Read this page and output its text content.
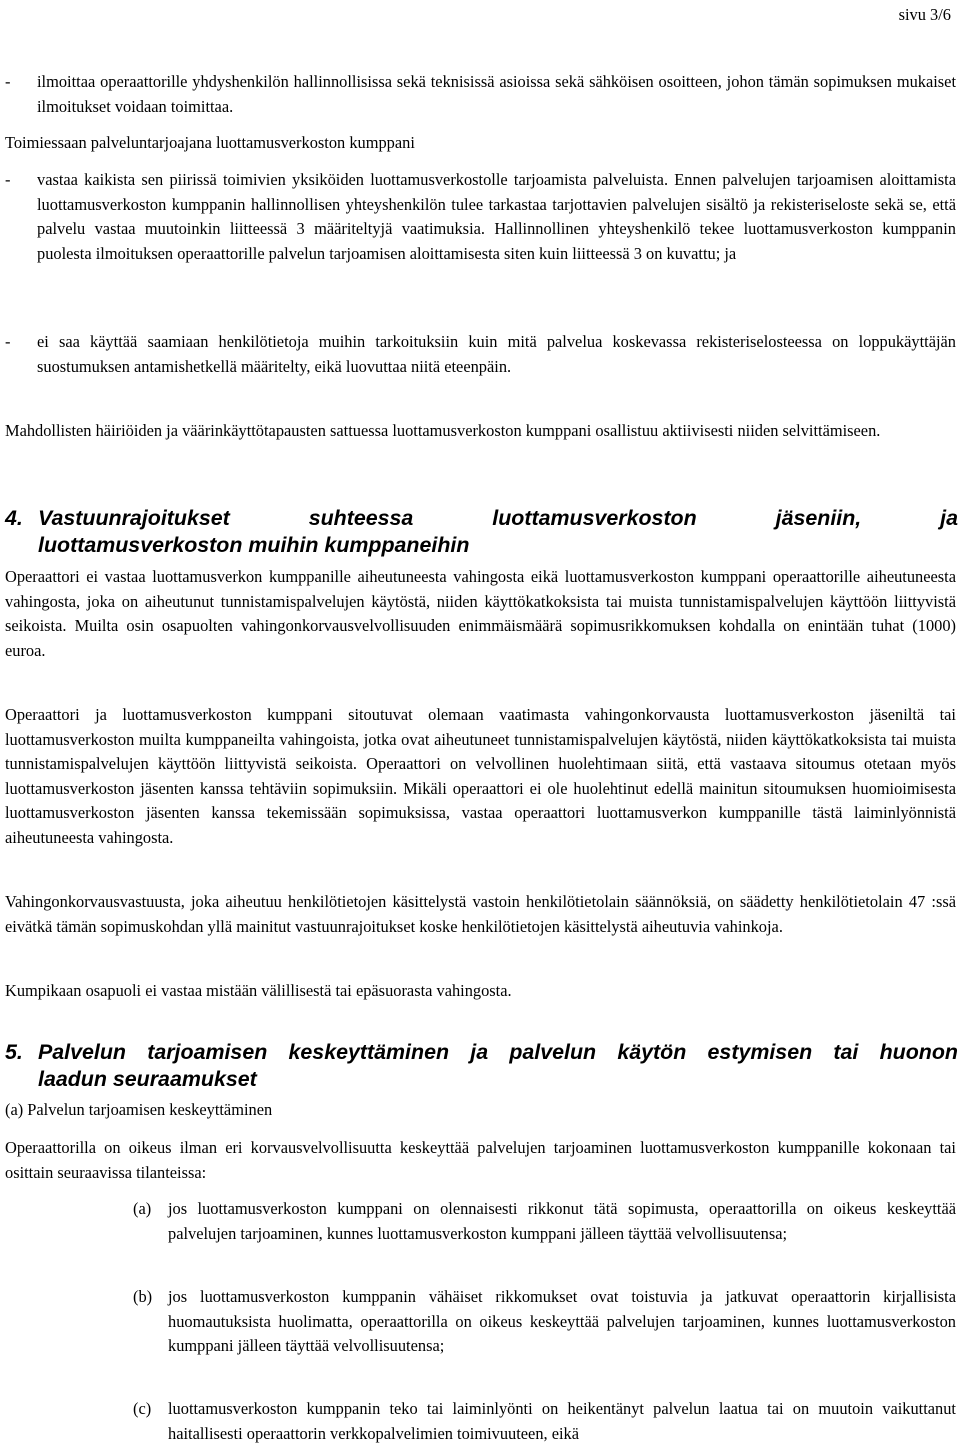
sivu 3/6
- ilmoittaa operaattorille yhdyshenkilön hallinnollisissa sekä teknisissä asioissa sekä sähköisen osoitteen, johon tämän sopimuksen mukaiset ilmoitukset voidaan toimittaa.
Toimiessaan palveluntarjoajana luottamusverkoston kumppani
- vastaa kaikista sen piirissä toimivien yksiköiden luottamusverkostolle tarjoamista palveluista. Ennen palvelujen tarjoamisen aloittamista luottamusverkoston kumppanin hallinnollisen yhteyshenkilön tulee tarkastaa tarjottavien palvelujen sisältö ja rekisteriseloste sekä se, että palvelu vastaa muutoinkin liitteessä 3 määriteltyjä vaatimuksia. Hallinnollinen yhteyshenkilö tekee luottamusverkoston kumppanin puolesta ilmoituksen operaattorille palvelun tarjoamisen aloittamisesta siten kuin liitteessä 3 on kuvattu; ja
- ei saa käyttää saamiaan henkilötietoja muihin tarkoituksiin kuin mitä palvelua koskevassa rekisteriselosteessa on loppukäyttäjän suostumuksen antamishetkellä määritelty, eikä luovuttaa niitä eteenpäin.
Mahdollisten häiriöiden ja väärinkäyttötapausten sattuessa luottamusverkoston kumppani osallistuu aktiivisesti niiden selvittämiseen.
4. Vastuunrajoitukset suhteessa luottamusverkoston jäseniin, ja
luottamusverkoston muihin kumppaneihin
Operaattori ei vastaa luottamusverkon kumppanille aiheutuneesta vahingosta eikä luottamusverkoston kumppani operaattorille aiheutuneesta vahingosta, joka on aiheutunut tunnistamispalvelujen käytöstä, niiden käyttökatkoksista tai muista tunnistamispalvelujen käyttöön liittyvistä seikoista. Muilta osin osapuolten vahingonkorvausvelvollisuuden enimmäismäärä sopimusrikkomuksen kohdalla on enintään tuhat (1000) euroa.
Operaattori ja luottamusverkoston kumppani sitoutuvat olemaan vaatimasta vahingonkorvausta luottamusverkoston jäseniltä tai luottamusverkoston muilta kumppaneilta vahingoista, jotka ovat aiheutuneet tunnistamispalvelujen käytöstä, niiden käyttökatkoksista tai muista tunnistamispalvelujen käyttöön liittyvistä seikoista. Operaattori on velvollinen huolehtimaan siitä, että vastaava sitoumus otetaan myös luottamusverkoston jäsenten kanssa tehtäviin sopimuksiin. Mikäli operaattori ei ole huolehtinut edellä mainitun sitoumuksen huomioimisesta luottamusverkoston jäsenten kanssa tekemissään sopimuksissa, vastaa operaattori luottamusverkon kumppanille tästä laiminlyönnistä aiheutuneesta vahingosta.
Vahingonkorvausvastuusta, joka aiheutuu henkilötietojen käsittelystä vastoin henkilötietolain säännöksiä, on säädetty henkilötietolain 47 :ssä eivätkä tämän sopimuskohdan yllä mainitut vastuunrajoitukset koske henkilötietojen käsittelystä aiheutuvia vahinkoja.
Kumpikaan osapuoli ei vastaa mistään välillisestä tai epäsuorasta vahingosta.
5. Palvelun tarjoamisen keskeyttäminen ja palvelun käytön estymisen tai huonon
laadun seuraamukset
(a) Palvelun tarjoamisen keskeyttäminen
Operaattorilla on oikeus ilman eri korvausvelvollisuutta keskeyttää palvelujen tarjoaminen luottamusverkoston kumppanille kokonaan tai osittain seuraavissa tilanteissa:
(a) jos luottamusverkoston kumppani on olennaisesti rikkonut tätä sopimusta, operaattorilla on oikeus keskeyttää palvelujen tarjoaminen, kunnes luottamusverkoston kumppani jälleen täyttää velvollisuutensa;
(b) jos luottamusverkoston kumppanin vähäiset rikkomukset ovat toistuvia ja jatkuvat operaattorin kirjallisista huomautuksista huolimatta, operaattorilla on oikeus keskeyttää palvelujen tarjoaminen, kunnes luottamusverkoston kumppani jälleen täyttää velvollisuutensa;
(c) luottamusverkoston kumppanin teko tai laiminlyönti on heikentänyt palvelun laatua tai on muutoin vaikuttanut haitallisesti operaattorin verkkopalvelimien toimivuuteen, eikä
